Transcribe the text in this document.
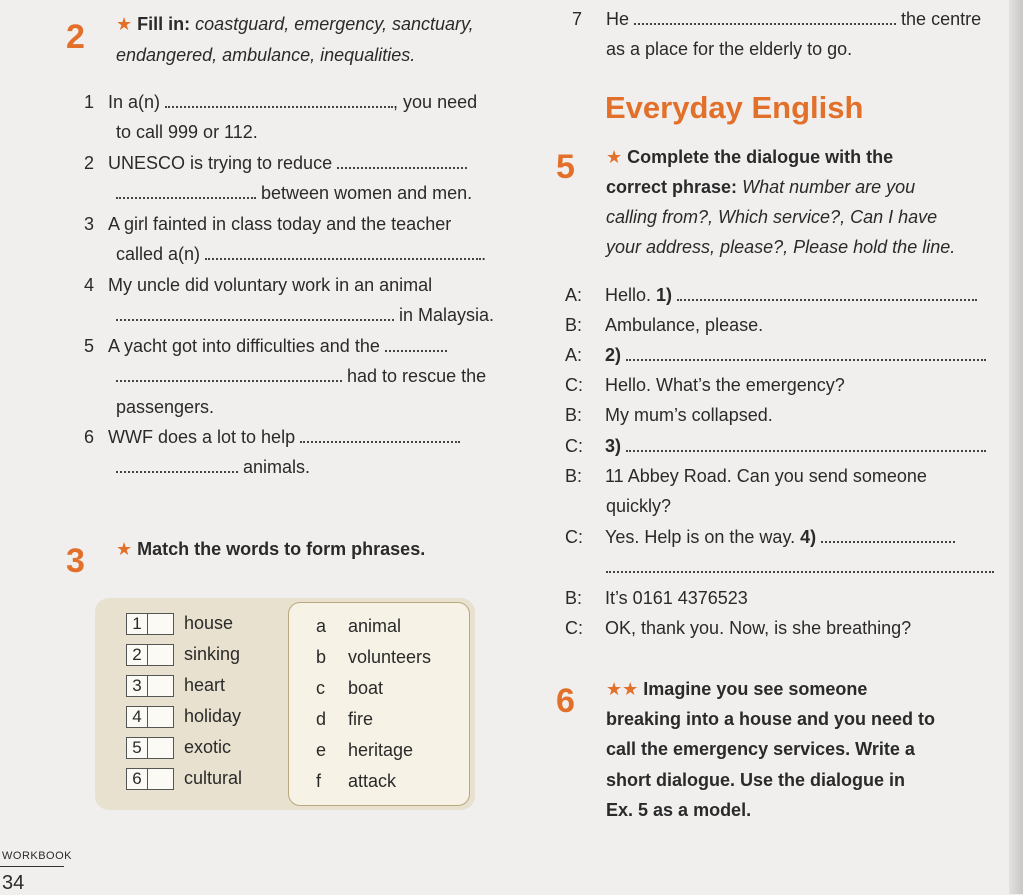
2 ★ Fill in: coastguard, emergency, sanctuary,
endangered, ambulance, inequalities.
1 In a(n)	, you need
to call 999 or 112.
2 UNESCO is trying to reduce
between women and men.
3 A girl fainted in class today and the teacher
called a(n)	.
4 My uncle did voluntary work in an animal
in Malaysia.
5 A yacht got into difficulties and the
had to rescue the
passengers.
6 WWF does a lot to help
animals.
7 He	the centre
as a place for the elderly to go.
Everyday English
5 ★ Complete the dialogue with the
correct phrase: What number are you
calling from?, Which service?, Can I have
your address, please?, Please hold the line.
A: Hello. 1)
B: Ambulance, please.
A: 2)
C: Hello. What’s the emergency?
B: My mum’s collapsed.
C: 3)
B: 11 Abbey Road. Can you send someone
quickly?
C: Yes. Help is on the way. 4)
B: It’s 0161 4376523
C: OK, thank you. Now, is she breathing?
6 ★★ Imagine you see someone
breaking into a house and you need to
call the emergency services. Write a
short dialogue. Use the dialogue in
Ex. 5 as a model.
3 ★ Match the words to form phrases.
1	house
2	sinking
3	heart
4	holiday
5	exotic
6	cultural
a animal
b volunteers
c boat
d fire
e heritage
f attack
WORKBOOK
34
